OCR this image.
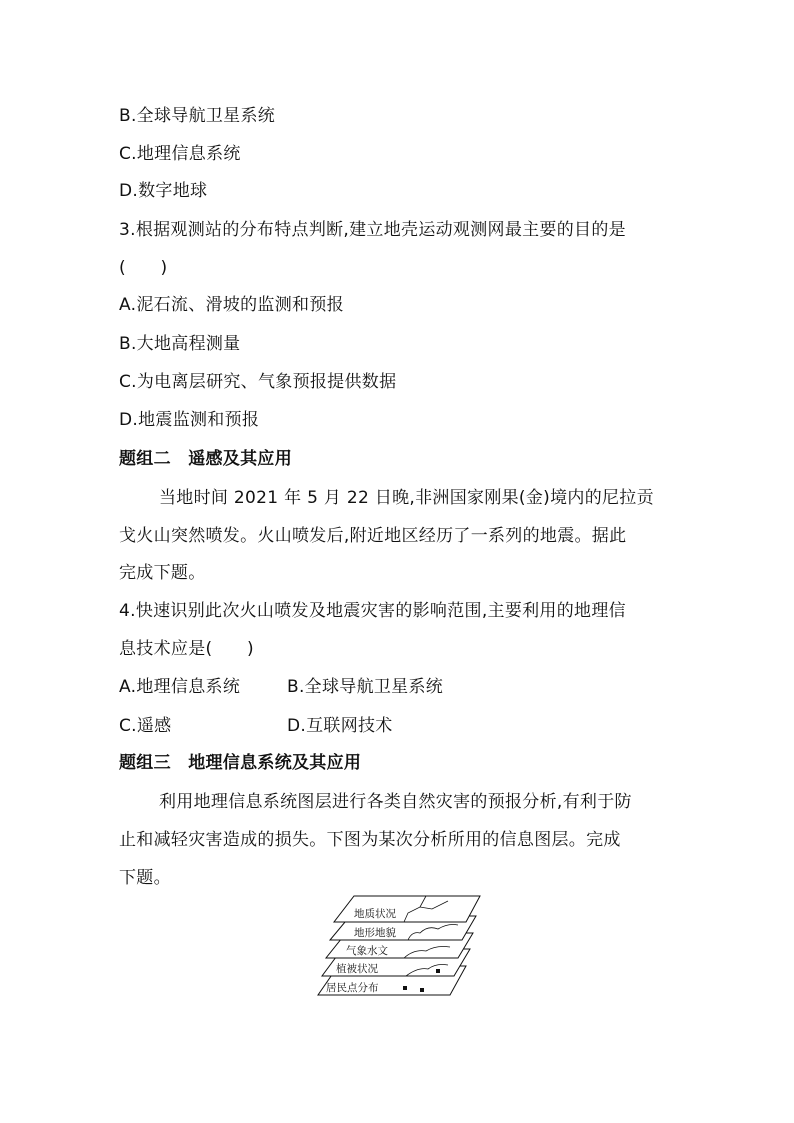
B.全球导航卫星系统
C.地理信息系统
D.数字地球
3.根据观测站的分布特点判断,建立地壳运动观测网最主要的目的是
(　　)
A.泥石流、滑坡的监测和预报
B.大地高程测量
C.为电离层研究、气象预报提供数据
D.地震监测和预报
题组二　遥感及其应用
当地时间 2021 年 5 月 22 日晚,非洲国家刚果(金)境内的尼拉贡
戈火山突然喷发。火山喷发后,附近地区经历了一系列的地震。据此
完成下题。
4.快速识别此次火山喷发及地震灾害的影响范围,主要利用的地理信
息技术应是(　　)
A.地理信息系统	B.全球导航卫星系统
C.遥感	D.互联网技术
题组三　地理信息系统及其应用
利用地理信息系统图层进行各类自然灾害的预报分析,有利于防
止和减轻灾害造成的损失。下图为某次分析所用的信息图层。完成
下题。
居民点分布
植被状况
气象水文
地形地貌
地质状况
